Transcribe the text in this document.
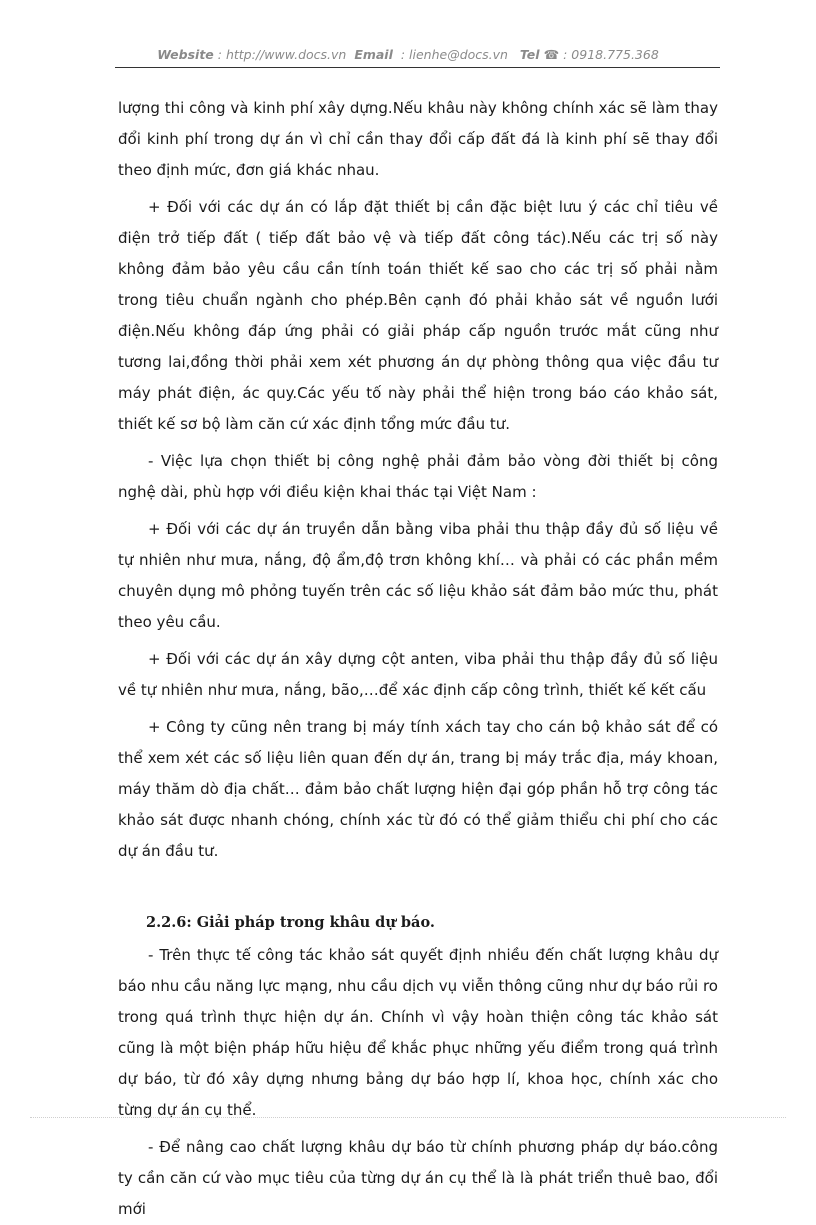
Website : http://www.docs.vn Email : lienhe@docs.vn Tel ☎ : 0918.775.368

lượng thi công và kinh phí xây dựng.Nếu khâu này không chính xác sẽ làm thay đổi kinh phí trong dự án vì chỉ cần thay đổi cấp đất đá là kinh phí sẽ thay đổi theo định mức, đơn giá khác nhau.

+ Đối với các dự án có lắp đặt thiết bị cần đặc biệt lưu ý các chỉ tiêu về điện trở tiếp đất ( tiếp đất bảo vệ và tiếp đất công tác).Nếu các trị số này không đảm bảo yêu cầu cần tính toán thiết kế sao cho các trị số phải nằm trong tiêu chuẩn ngành cho phép.Bên cạnh đó phải khảo sát về nguồn lưới điện.Nếu không đáp ứng phải có giải pháp cấp nguồn trước mắt cũng như tương lai,đồng thời phải xem xét phương án dự phòng thông qua việc đầu tư máy phát điện, ác quy.Các yếu tố này phải thể hiện trong báo cáo khảo sát, thiết kế sơ bộ làm căn cứ xác định tổng mức đầu tư.

- Việc lựa chọn thiết bị công nghệ phải đảm bảo vòng đời thiết bị công nghệ dài, phù hợp với điều kiện khai thác tại Việt Nam :

+ Đối với các dự án truyền dẫn bằng viba phải thu thập đầy đủ số liệu về tự nhiên như mưa, nắng, độ ẩm,độ trơn không khí… và phải có các phần mềm chuyên dụng mô phỏng tuyến trên các số liệu khảo sát đảm bảo mức thu, phát theo yêu cầu.

+ Đối với các dự án xây dựng cột anten, viba phải thu thập đầy đủ số liệu về tự nhiên như mưa, nắng, bão,…để xác định cấp công trình, thiết kế kết cấu

+ Công ty cũng nên trang bị máy tính xách tay cho cán bộ khảo sát để có thể xem xét các số liệu liên quan đến dự án, trang bị máy trắc địa, máy khoan, máy thăm dò địa chất… đảm bảo chất lượng hiện đại góp phần hỗ trợ công tác khảo sát được nhanh chóng, chính xác từ đó có thể giảm thiểu chi phí cho các dự án đầu tư.

2.2.6: Giải pháp trong khâu dự báo.

- Trên thực tế công tác khảo sát quyết định nhiều đến chất lượng khâu dự báo nhu cầu năng lực mạng, nhu cầu dịch vụ viễn thông cũng như dự báo rủi ro trong quá trình thực hiện dự án. Chính vì vậy hoàn thiện công tác khảo sát cũng là một biện pháp hữu hiệu để khắc phục những yếu điểm trong quá trình dự báo, từ đó xây dựng nhưng bảng dự báo hợp lí, khoa học, chính xác cho từng dự án cụ thể.

- Để nâng cao chất lượng khâu dự báo từ chính phương pháp dự báo.công ty cần căn cứ vào mục tiêu của từng dự án cụ thể là là phát triển thuê bao, đổi mới
